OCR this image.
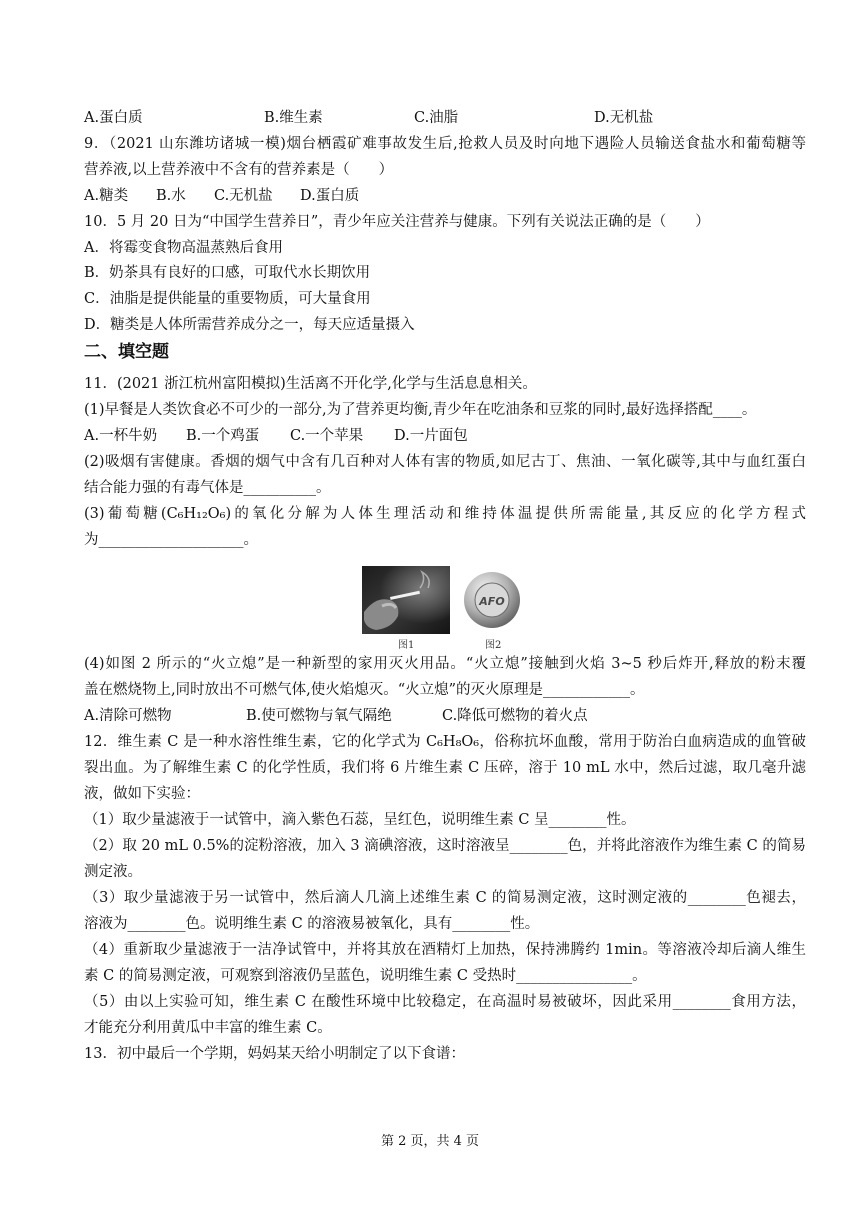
A.蛋白质	B.维生素	C.油脂	D.无机盐
9．（2021 山东潍坊诸城一模)烟台栖霞矿难事故发生后,抢救人员及时向地下遇险人员输送食盐水和葡萄糖等
营养液,以上营养液中不含有的营养素是（　　）
A.糖类	B.水	C.无机盐	D.蛋白质
10．5 月 20 日为“中国学生营养日”，青少年应关注营养与健康。下列有关说法正确的是（　　）
A．将霉变食物高温蒸熟后食用
B．奶茶具有良好的口感，可取代水长期饮用
C．油脂是提供能量的重要物质，可大量食用
D．糖类是人体所需营养成分之一，每天应适量摄入
二、填空题
11．(2021 浙江杭州富阳模拟)生活离不开化学,化学与生活息息相关。
(1)早餐是人类饮食必不可少的一部分,为了营养更均衡,青少年在吃油条和豆浆的同时,最好选择搭配____。
A.一杯牛奶	B.一个鸡蛋	C.一个苹果	D.一片面包
(2)吸烟有害健康。香烟的烟气中含有几百种对人体有害的物质,如尼古丁、焦油、一氧化碳等,其中与血红蛋白
结合能力强的有毒气体是__________。
(3)葡萄糖(C₆H₁₂O₆)的氧化分解为人体生理活动和维持体温提供所需能量,其反应的化学方程式
为____________________。
AFO
图1	图2
(4)如图 2 所示的“火立熄”是一种新型的家用灭火用品。“火立熄”接触到火焰 3~5 秒后炸开,释放的粉末覆
盖在燃烧物上,同时放出不可燃气体,使火焰熄灭。“火立熄”的灭火原理是____________。
A.清除可燃物	B.使可燃物与氧气隔绝	C.降低可燃物的着火点
12．维生素 C 是一种水溶性维生素，它的化学式为 C₆H₈O₆，俗称抗坏血酸，常用于防治白血病造成的血管破
裂出血。为了解维生素 C 的化学性质，我们将 6 片维生素 C 压碎，溶于 10 mL 水中，然后过滤，取几毫升滤
液，做如下实验：
（1）取少量滤液于一试管中，滴入紫色石蕊，呈红色，说明维生素 C 呈________性。
（2）取 20 mL 0.5%的淀粉溶液，加入 3 滴碘溶液，这时溶液呈________色，并将此溶液作为维生素 C 的简易
测定液。
（3）取少量滤液于另一试管中，然后滴人几滴上述维生素 C 的简易测定液，这时测定液的________色褪去，
溶液为________色。说明维生素 C 的溶液易被氧化，具有________性。
（4）重新取少量滤液于一洁净试管中，并将其放在酒精灯上加热，保持沸腾约 1min。等溶液冷却后滴人维生
素 C 的简易测定液，可观察到溶液仍呈蓝色，说明维生素 C 受热时________________。
（5）由以上实验可知，维生素 C 在酸性环境中比较稳定，在高温时易被破坏，因此采用________食用方法，
才能充分利用黄瓜中丰富的维生素 C。
13．初中最后一个学期，妈妈某天给小明制定了以下食谱：
第 2 页，共 4 页
